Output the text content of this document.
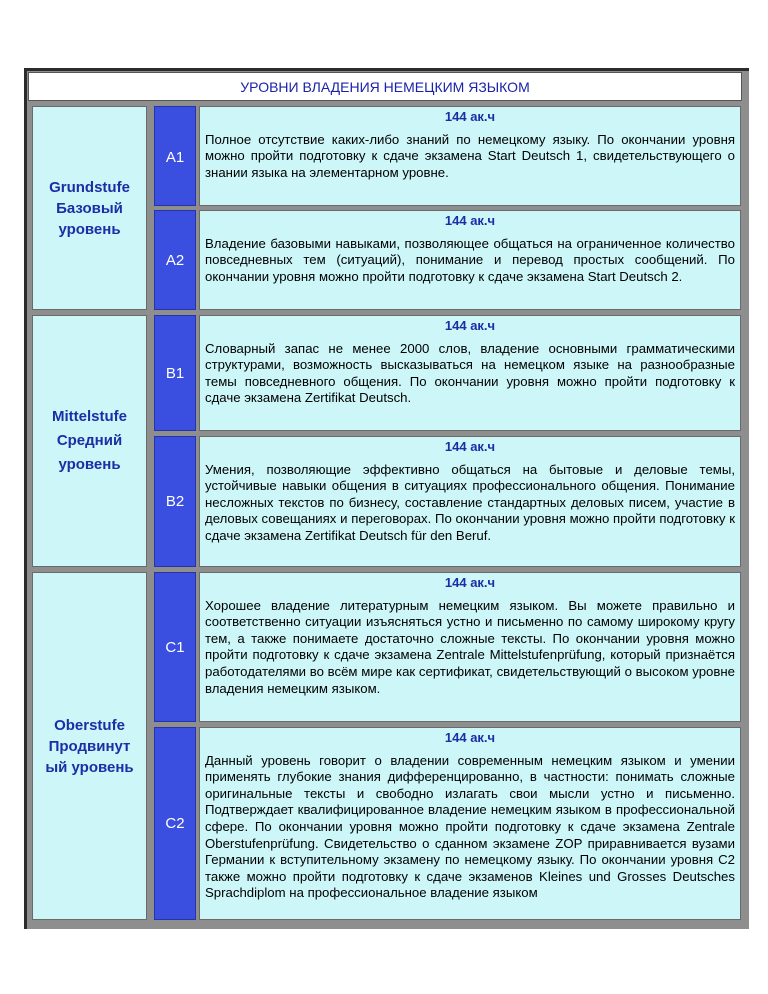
УРОВНИ ВЛАДЕНИЯ НЕМЕЦКИМ ЯЗЫКОМ
Grundstufe
Базовый
уровень
Mittelstufe
Средний
уровень
Oberstufe
Продвинут
ый уровень
A1
A2
B1
B2
C1
C2
144 ак.ч
Полное отсутствие каких-либо знаний по немецкому языку. По окончании уровня можно пройти подготовку к сдаче экзамена Start Deutsch 1, свидетельствующего о знании языка на элементарном уровне.
144 ак.ч
Владение базовыми навыками, позволяющее общаться на ограниченное количество повседневных тем (ситуаций), понимание и перевод простых сообщений. По окончании уровня можно пройти подготовку к сдаче экзамена Start Deutsch 2.
144 ак.ч
Словарный запас не менее 2000 слов, владение основными грамматическими структурами, возможность высказываться на немецком языке на разнообразные темы повседневного общения. По окончании уровня можно пройти подготовку к сдаче экзамена Zertifikat Deutsch.
144 ак.ч
Умения, позволяющие эффективно общаться на бытовые и деловые темы, устойчивые навыки общения в ситуациях профессионального общения. Понимание несложных текстов по бизнесу, составление стандартных деловых писем, участие в деловых совещаниях и переговорах. По окончании уровня можно пройти подготовку к сдаче экзамена Zertifikat Deutsch für den Beruf.
144 ак.ч
Хорошее владение литературным немецким языком. Вы можете правильно и соответственно ситуации изъясняться устно и письменно по самому широкому кругу тем, а также понимаете достаточно сложные тексты. По окончании уровня можно пройти подготовку к сдаче экзамена Zentrale Mittelstufenprüfung, который признаётся работодателями во всём мире как сертификат, свидетельствующий о высоком уровне владения немецким языком.
144 ак.ч
Данный уровень говорит о владении современным немецким языком и умении применять глубокие знания дифференцированно, в частности: понимать сложные оригинальные тексты и свободно излагать свои мысли устно и письменно. Подтверждает квалифицированное владение немецким языком в профессиональной сфере. По окончании уровня можно пройти подготовку к сдаче экзамена Zentrale Oberstufenprüfung. Свидетельство о сданном экзамене ZOP приравнивается вузами Германии к вступительному экзамену по немецкому языку. По окончании уровня C2 также можно пройти подготовку к сдаче экзаменов Kleines und Grosses Deutsches Sprachdiplom на профессиональное владение языком
